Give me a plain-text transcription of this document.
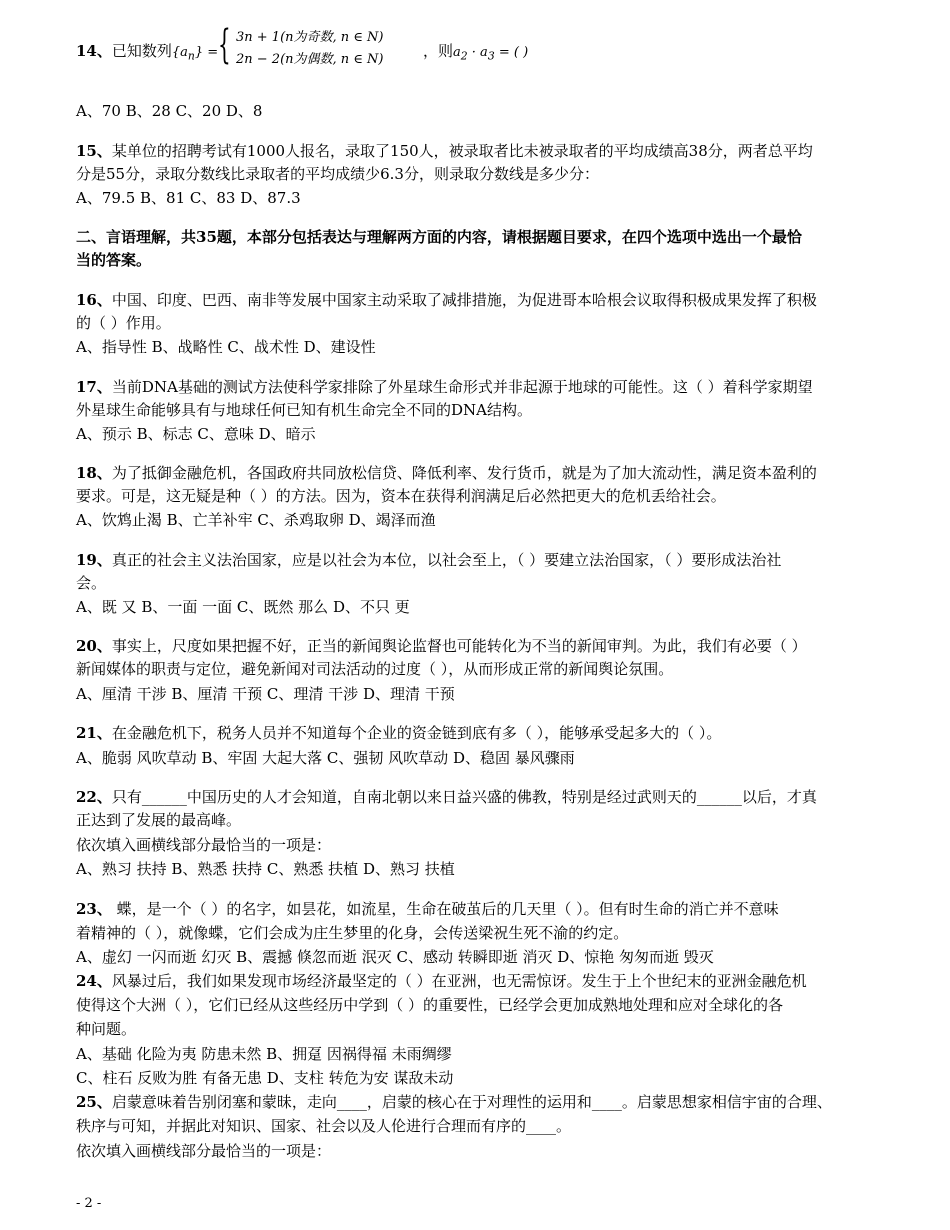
{ 3n + 1(n为奇数, n ∈ N)
2n − 2(n为偶数, n ∈ N)
14、已知数列$\{a_n\}$ =	，则$a_2 \cdot a_3$ = ( )
A、70 B、28 C、20 D、8
15、某单位的招聘考试有1000人报名，录取了150人，被录取者比未被录取者的平均成绩高38分，两者总平均
分是55分，录取分数线比录取者的平均成绩少6.3分，则录取分数线是多少分：
A、79.5 B、81 C、83 D、87.3
二、言语理解，共35题，本部分包括表达与理解两方面的内容，请根据题目要求，在四个选项中选出一个最恰
当的答案。
16、中国、印度、巴西、南非等发展中国家主动采取了减排措施，为促进哥本哈根会议取得积极成果发挥了积极
的（ ）作用。
A、指导性 B、战略性 C、战术性 D、建设性
17、当前DNA基础的测试方法使科学家排除了外星球生命形式并非起源于地球的可能性。这（ ）着科学家期望
外星球生命能够具有与地球任何已知有机生命完全不同的DNA结构。
A、预示 B、标志 C、意味 D、暗示
18、为了抵御金融危机，各国政府共同放松信贷、降低利率、发行货币，就是为了加大流动性，满足资本盈利的
要求。可是，这无疑是种（ ）的方法。因为，资本在获得利润满足后必然把更大的危机丢给社会。
A、饮鸩止渴 B、亡羊补牢 C、杀鸡取卵 D、竭泽而渔
19、真正的社会主义法治国家，应是以社会为本位，以社会至上，（ ）要建立法治国家，（ ）要形成法治社
会。
A、既 又 B、一面 一面 C、既然 那么 D、不只 更
20、事实上，尺度如果把握不好，正当的新闻舆论监督也可能转化为不当的新闻审判。为此，我们有必要（ ）
新闻媒体的职责与定位，避免新闻对司法活动的过度（ ），从而形成正常的新闻舆论氛围。
A、厘清 干涉 B、厘清 干预 C、理清 干涉 D、理清 干预
21、在金融危机下，税务人员并不知道每个企业的资金链到底有多（ ），能够承受起多大的（ ）。
A、脆弱 风吹草动 B、牢固 大起大落 C、强韧 风吹草动 D、稳固 暴风骤雨
22、只有______中国历史的人才会知道，自南北朝以来日益兴盛的佛教，特别是经过武则天的______以后，才真
正达到了发展的最高峰。
依次填入画横线部分最恰当的一项是：
A、熟习 扶持 B、熟悉 扶持 C、熟悉 扶植 D、熟习 扶植
23、 蝶，是一个（ ）的名字，如昙花，如流星，生命在破茧后的几天里（ ）。但有时生命的消亡并不意味
着精神的（ ），就像蝶，它们会成为庄生梦里的化身，会传送梁祝生死不渝的约定。
A、虚幻 一闪而逝 幻灭 B、震撼 倏忽而逝 泯灭 C、感动 转瞬即逝 消灭 D、惊艳 匆匆而逝 毁灭
24、风暴过后，我们如果发现市场经济最坚定的（ ）在亚洲，也无需惊讶。发生于上个世纪末的亚洲金融危机
使得这个大洲（ ），它们已经从这些经历中学到（ ）的重要性，已经学会更加成熟地处理和应对全球化的各
种问题。
A、基础 化险为夷 防患未然 B、拥趸 因祸得福 未雨绸缪
C、柱石 反败为胜 有备无患 D、支柱 转危为安 谋敌未动
25、启蒙意味着告别闭塞和蒙昧，走向____，启蒙的核心在于对理性的运用和____。启蒙思想家相信宇宙的合理、
秩序与可知，并据此对知识、国家、社会以及人伦进行合理而有序的____。
依次填入画横线部分最恰当的一项是：
- 2 -
